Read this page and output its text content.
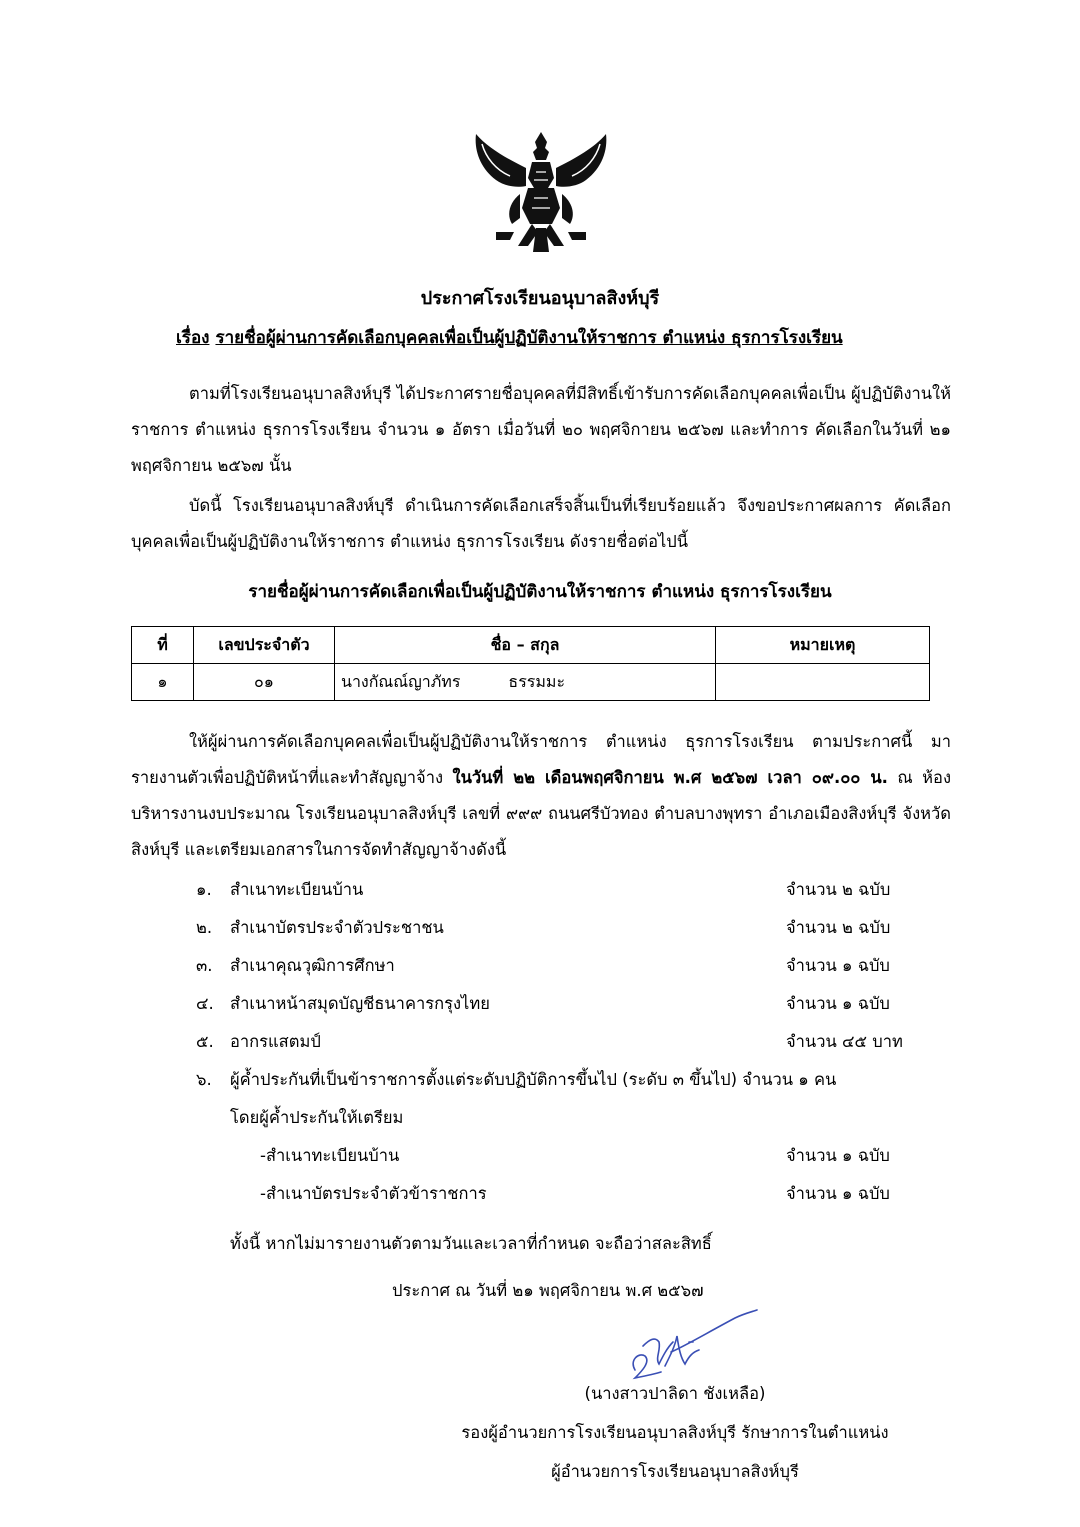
ประกาศโรงเรียนอนุบาลสิงห์บุรี
เรื่อง รายชื่อผู้ผ่านการคัดเลือกบุคคลเพื่อเป็นผู้ปฏิบัติงานให้ราชการ ตำแหน่ง ธุรการโรงเรียน
ตามที่โรงเรียนอนุบาลสิงห์บุรี ได้ประกาศรายชื่อบุคคลที่มีสิทธิ์เข้ารับการคัดเลือกบุคคลเพื่อเป็น ผู้ปฏิบัติงานให้ราชการ ตำแหน่ง ธุรการโรงเรียน จำนวน ๑ อัตรา เมื่อวันที่ ๒๐ พฤศจิกายน ๒๕๖๗ และทำการ คัดเลือกในวันที่ ๒๑ พฤศจิกายน ๒๕๖๗ นั้น
บัดนี้ โรงเรียนอนุบาลสิงห์บุรี ดำเนินการคัดเลือกเสร็จสิ้นเป็นที่เรียบร้อยแล้ว จึงขอประกาศผลการ คัดเลือกบุคคลเพื่อเป็นผู้ปฏิบัติงานให้ราชการ ตำแหน่ง ธุรการโรงเรียน ดังรายชื่อต่อไปนี้
รายชื่อผู้ผ่านการคัดเลือกเพื่อเป็นผู้ปฏิบัติงานให้ราชการ ตำแหน่ง ธุรการโรงเรียน
ที่	เลขประจำตัว	ชื่อ – สกุล	หมายเหตุ
๑	๐๑	นางกัณณ์ญาภัทร ธรรมมะ	
ให้ผู้ผ่านการคัดเลือกบุคคลเพื่อเป็นผู้ปฏิบัติงานให้ราชการ ตำแหน่ง ธุรการโรงเรียน ตามประกาศนี้ มารายงานตัวเพื่อปฏิบัติหน้าที่และทำสัญญาจ้าง ในวันที่ ๒๒ เดือนพฤศจิกายน พ.ศ ๒๕๖๗ เวลา ๐๙.๐๐ น. ณ ห้องบริหารงานงบประมาณ โรงเรียนอนุบาลสิงห์บุรี เลขที่ ๙๙๙ ถนนศรีบัวทอง ตำบลบางพุทรา อำเภอเมืองสิงห์บุรี จังหวัดสิงห์บุรี และเตรียมเอกสารในการจัดทำสัญญาจ้างดังนี้
๑.	สำเนาทะเบียนบ้าน	จำนวน ๒ ฉบับ
๒.	สำเนาบัตรประจำตัวประชาชน	จำนวน ๒ ฉบับ
๓.	สำเนาคุณวุฒิการศึกษา	จำนวน ๑ ฉบับ
๔. สำเนาหน้าสมุดบัญชีธนาคารกรุงไทย	จำนวน ๑ ฉบับ
๕. อากรแสตมป์	จำนวน ๔๕ บาท
๖.	ผู้ค้ำประกันที่เป็นข้าราชการตั้งแต่ระดับปฏิบัติการขึ้นไป (ระดับ ๓ ขึ้นไป) จำนวน ๑ คน
โดยผู้ค้ำประกันให้เตรียม
-สำเนาทะเบียนบ้าน	จำนวน ๑ ฉบับ
-สำเนาบัตรประจำตัวข้าราชการ	จำนวน ๑ ฉบับ
ทั้งนี้ หากไม่มารายงานตัวตามวันและเวลาที่กำหนด จะถือว่าสละสิทธิ์
ประกาศ ณ วันที่ ๒๑ พฤศจิกายน พ.ศ ๒๕๖๗
(นางสาวปาลิดา ชังเหลือ)
รองผู้อำนวยการโรงเรียนอนุบาลสิงห์บุรี รักษาการในตำแหน่ง
ผู้อำนวยการโรงเรียนอนุบาลสิงห์บุรี
